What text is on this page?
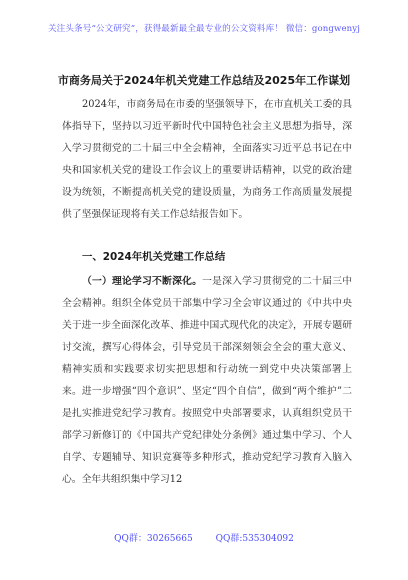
关注头条号“公文研究”，获得最新最全最专业的公文资料库！ 微信：gongwenyj
市商务局关于2024年机关党建工作总结及2025年工作谋划
2024年，市商务局在市委的坚强领导下，在市直机关工委的具体指导下，坚持以习近平新时代中国特色社会主义思想为指导，深入学习贯彻党的二十届三中全会精神，全面落实习近平总书记在中央和国家机关党的建设工作会议上的重要讲话精神，以党的政治建设为统领，不断提高机关党的建设质量，为商务工作高质量发展提供了坚强保证现将有关工作总结报告如下。
一、2024年机关党建工作总结
（一）理论学习不断深化。一是深入学习贯彻党的二十届三中全会精神。组织全体党员干部集中学习全会审议通过的《中共中央关于进一步全面深化改革、推进中国式现代化的决定》，开展专题研讨交流，撰写心得体会，引导党员干部深刻领会全会的重大意义、精神实质和实践要求切实把思想和行动统一到党中央决策部署上来。进一步增强“四个意识”、坚定“四个自信”，做到“两个维护”二是扎实推进党纪学习教育。按照党中央部署要求，认真组织党员干部学习新修订的《中国共产党纪律处分条例》通过集中学习、个人自学、专题辅导、知识竞赛等多种形式，推动党纪学习教育入脑入心。全年共组织集中学习12
QQ群：30265665	QQ群:535304092
